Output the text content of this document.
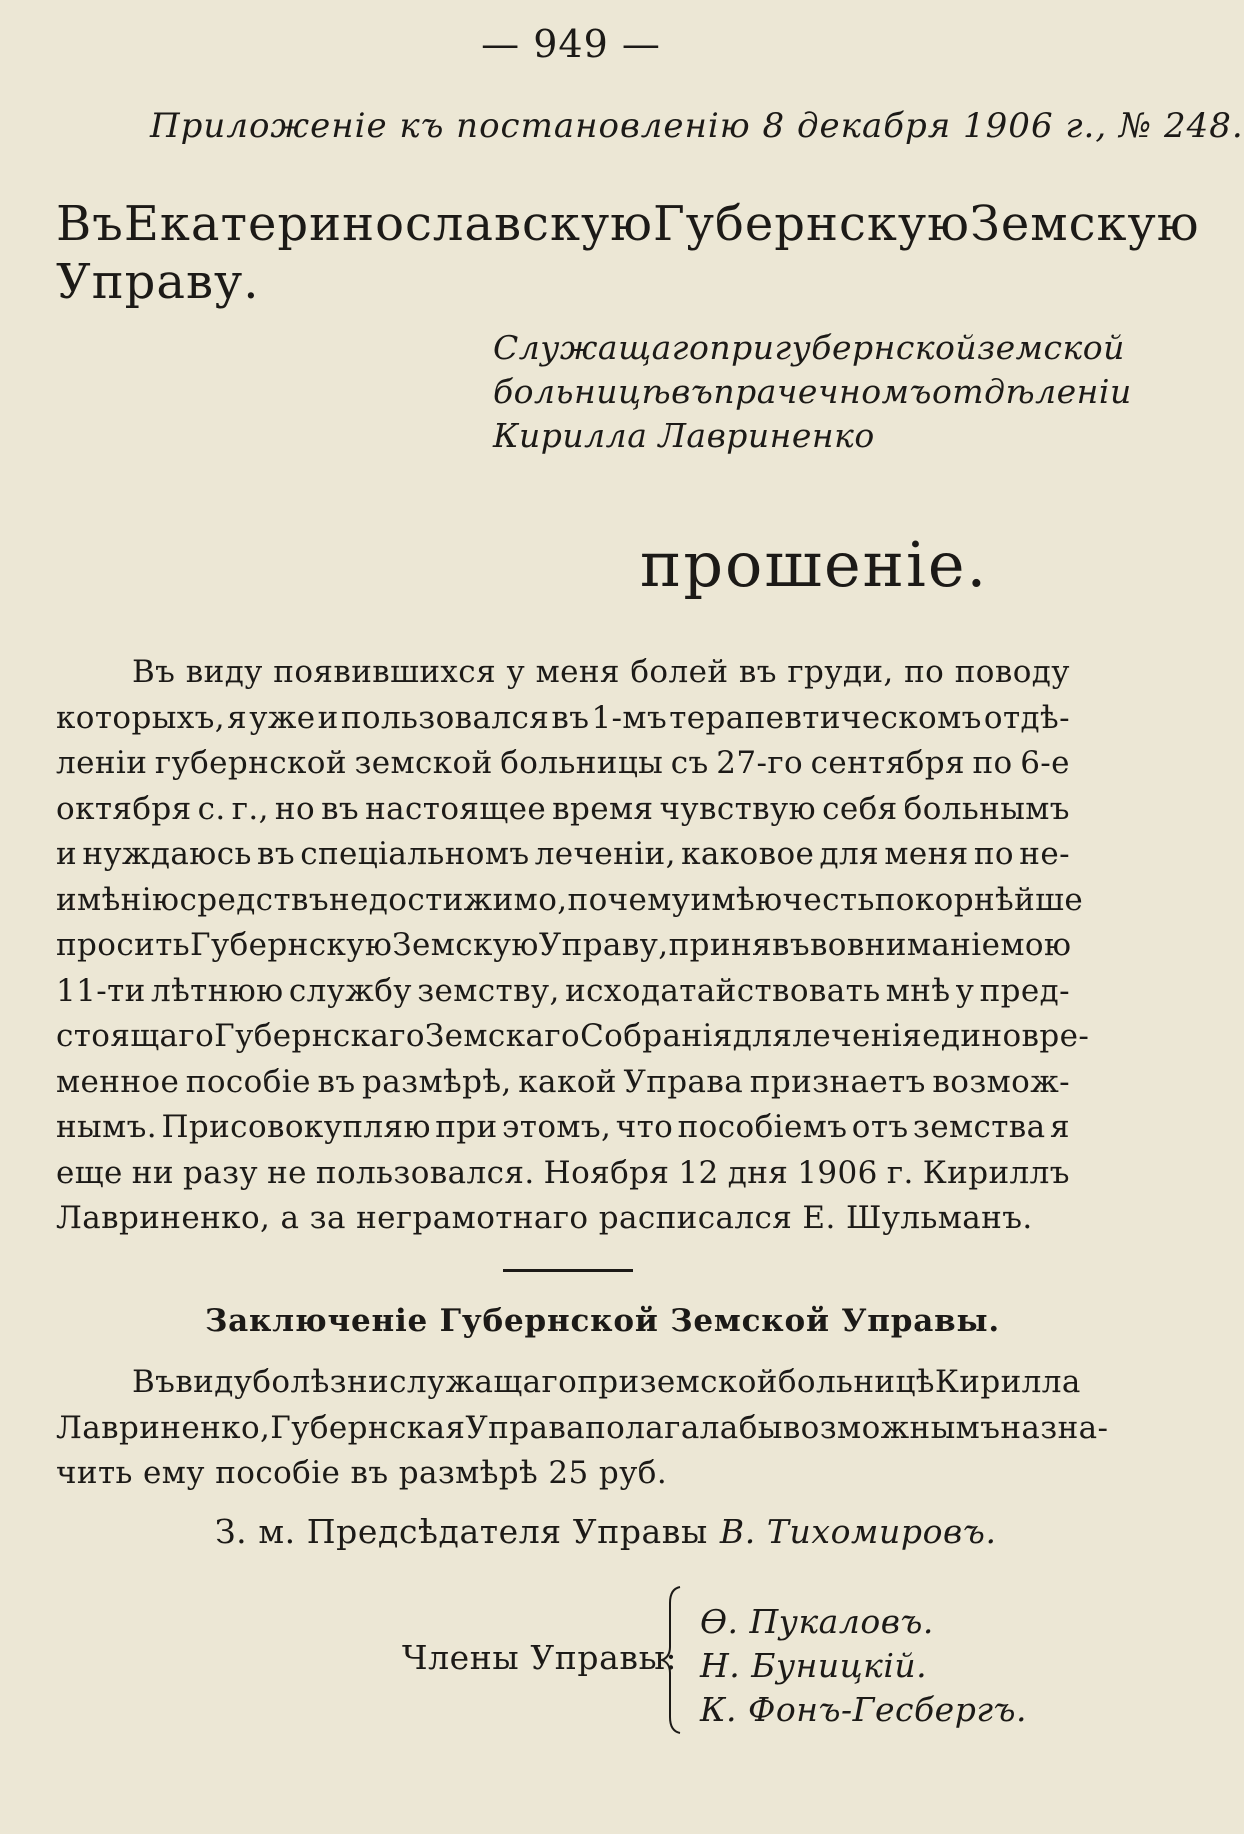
— 949 —
Приложеніе къ постановленію 8 декабря 1906 г., № 248.
Въ Екатеринославскую Губернскую Земскую
Управу.
Служащаго при губернской земской
больницѣ въ прачечномъ отдѣленіи
Кирилла Лавриненко
прошеніе.
Въ виду появившихся у меня болей въ груди, по поводу
которыхъ, я уже и пользовался въ 1-мъ терапевтическомъ отдѣ-
леніи губернской земской больницы съ 27-го сентября по 6-е
октября с. г., но въ настоящее время чувствую себя больнымъ
и нуждаюсь въ спеціальномъ леченіи, каковое для меня по не-
имѣнію средствъ недостижимо, почему имѣю честь покорнѣйше
просить Губернскую Земскую Управу, принявъ во вниманіе мою
11-ти лѣтнюю службу земству, исходатайствовать мнѣ у пред-
стоящаго Губернскаго Земскаго Собранія для леченія единовре-
менное пособіе въ размѣрѣ, какой Управа признаетъ возмож-
нымъ. Присовокупляю при этомъ, что пособіемъ отъ земства я
еще ни разу не пользовался. Ноября 12 дня 1906 г. Кириллъ
Лавриненко, а за неграмотнаго расписался Е. Шульманъ.
Заключеніе Губернской Земской Управы.
Въ виду болѣзни служащаго при земской больницѣ Кирилла
Лавриненко, Губернская Управа полагала бы возможнымъ назна-
чить ему пособіе въ размѣрѣ 25 руб.
З. м. Предсѣдателя Управы В. Тихомировъ.
Члены Управы:
Ѳ. Пукаловъ.
Н. Буницкій.
К. Фонъ-Гесбергъ.
